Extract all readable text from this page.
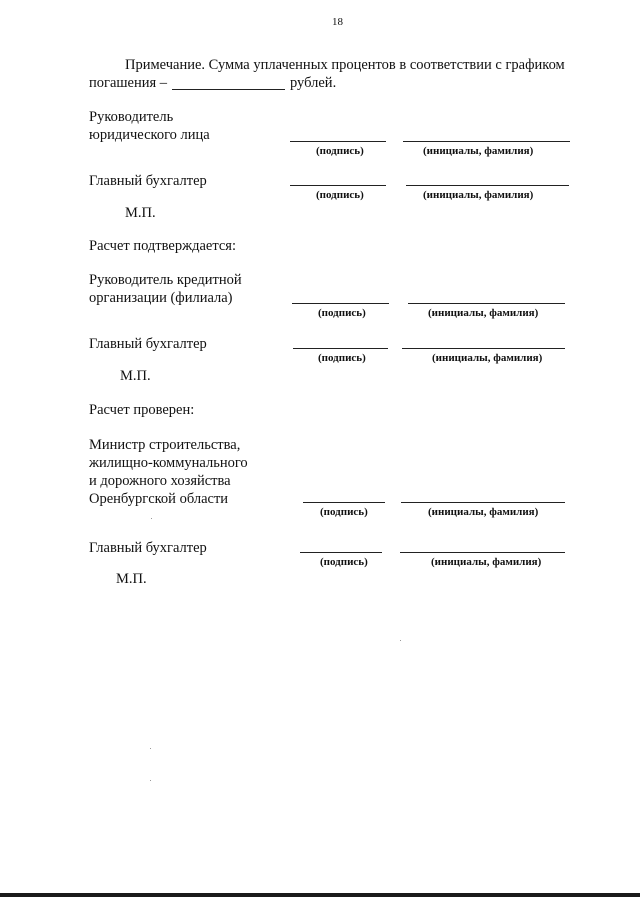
18
Примечание. Сумма уплаченных процентов в соответствии с графиком
погашения –	рублей.
Руководитель
юридического лица
(подпись)	(инициалы, фамилия)
Главный бухгалтер
(подпись)	(инициалы, фамилия)
М.П.
Расчет подтверждается:
Руководитель кредитной
организации (филиала)
(подпись)	(инициалы, фамилия)
Главный бухгалтер
(подпись)	(инициалы, фамилия)
М.П.
Расчет проверен:
Министр строительства,
жилищно-коммунального
и дорожного хозяйства
Оренбургской области
(подпись)	(инициалы, фамилия)
Главный бухгалтер
(подпись)	(инициалы, фамилия)
М.П.
